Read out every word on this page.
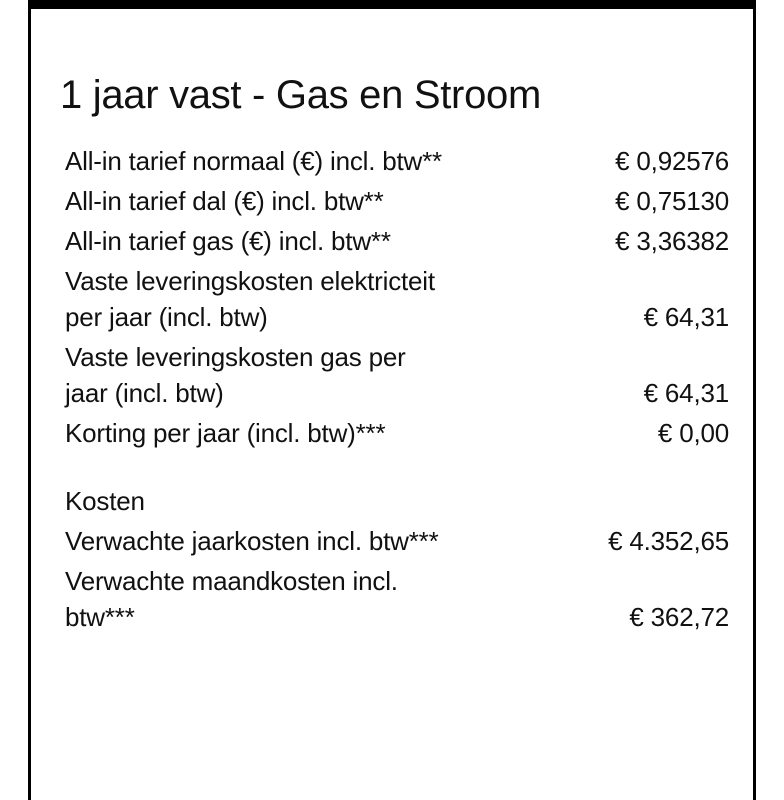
1 jaar vast - Gas en Stroom
All-in tarief normaal (€) incl. btw**	€ 0,92576
All-in tarief dal (€) incl. btw**	€ 0,75130
All-in tarief gas (€) incl. btw**	€ 3,36382
Vaste leveringskosten elektricteit per jaar (incl. btw)	€ 64,31
Vaste leveringskosten gas per jaar (incl. btw)	€ 64,31
Korting per jaar (incl. btw)***	€ 0,00
Kosten
Verwachte jaarkosten incl. btw***	€ 4.352,65
Verwachte maandkosten incl. btw***	€ 362,72
